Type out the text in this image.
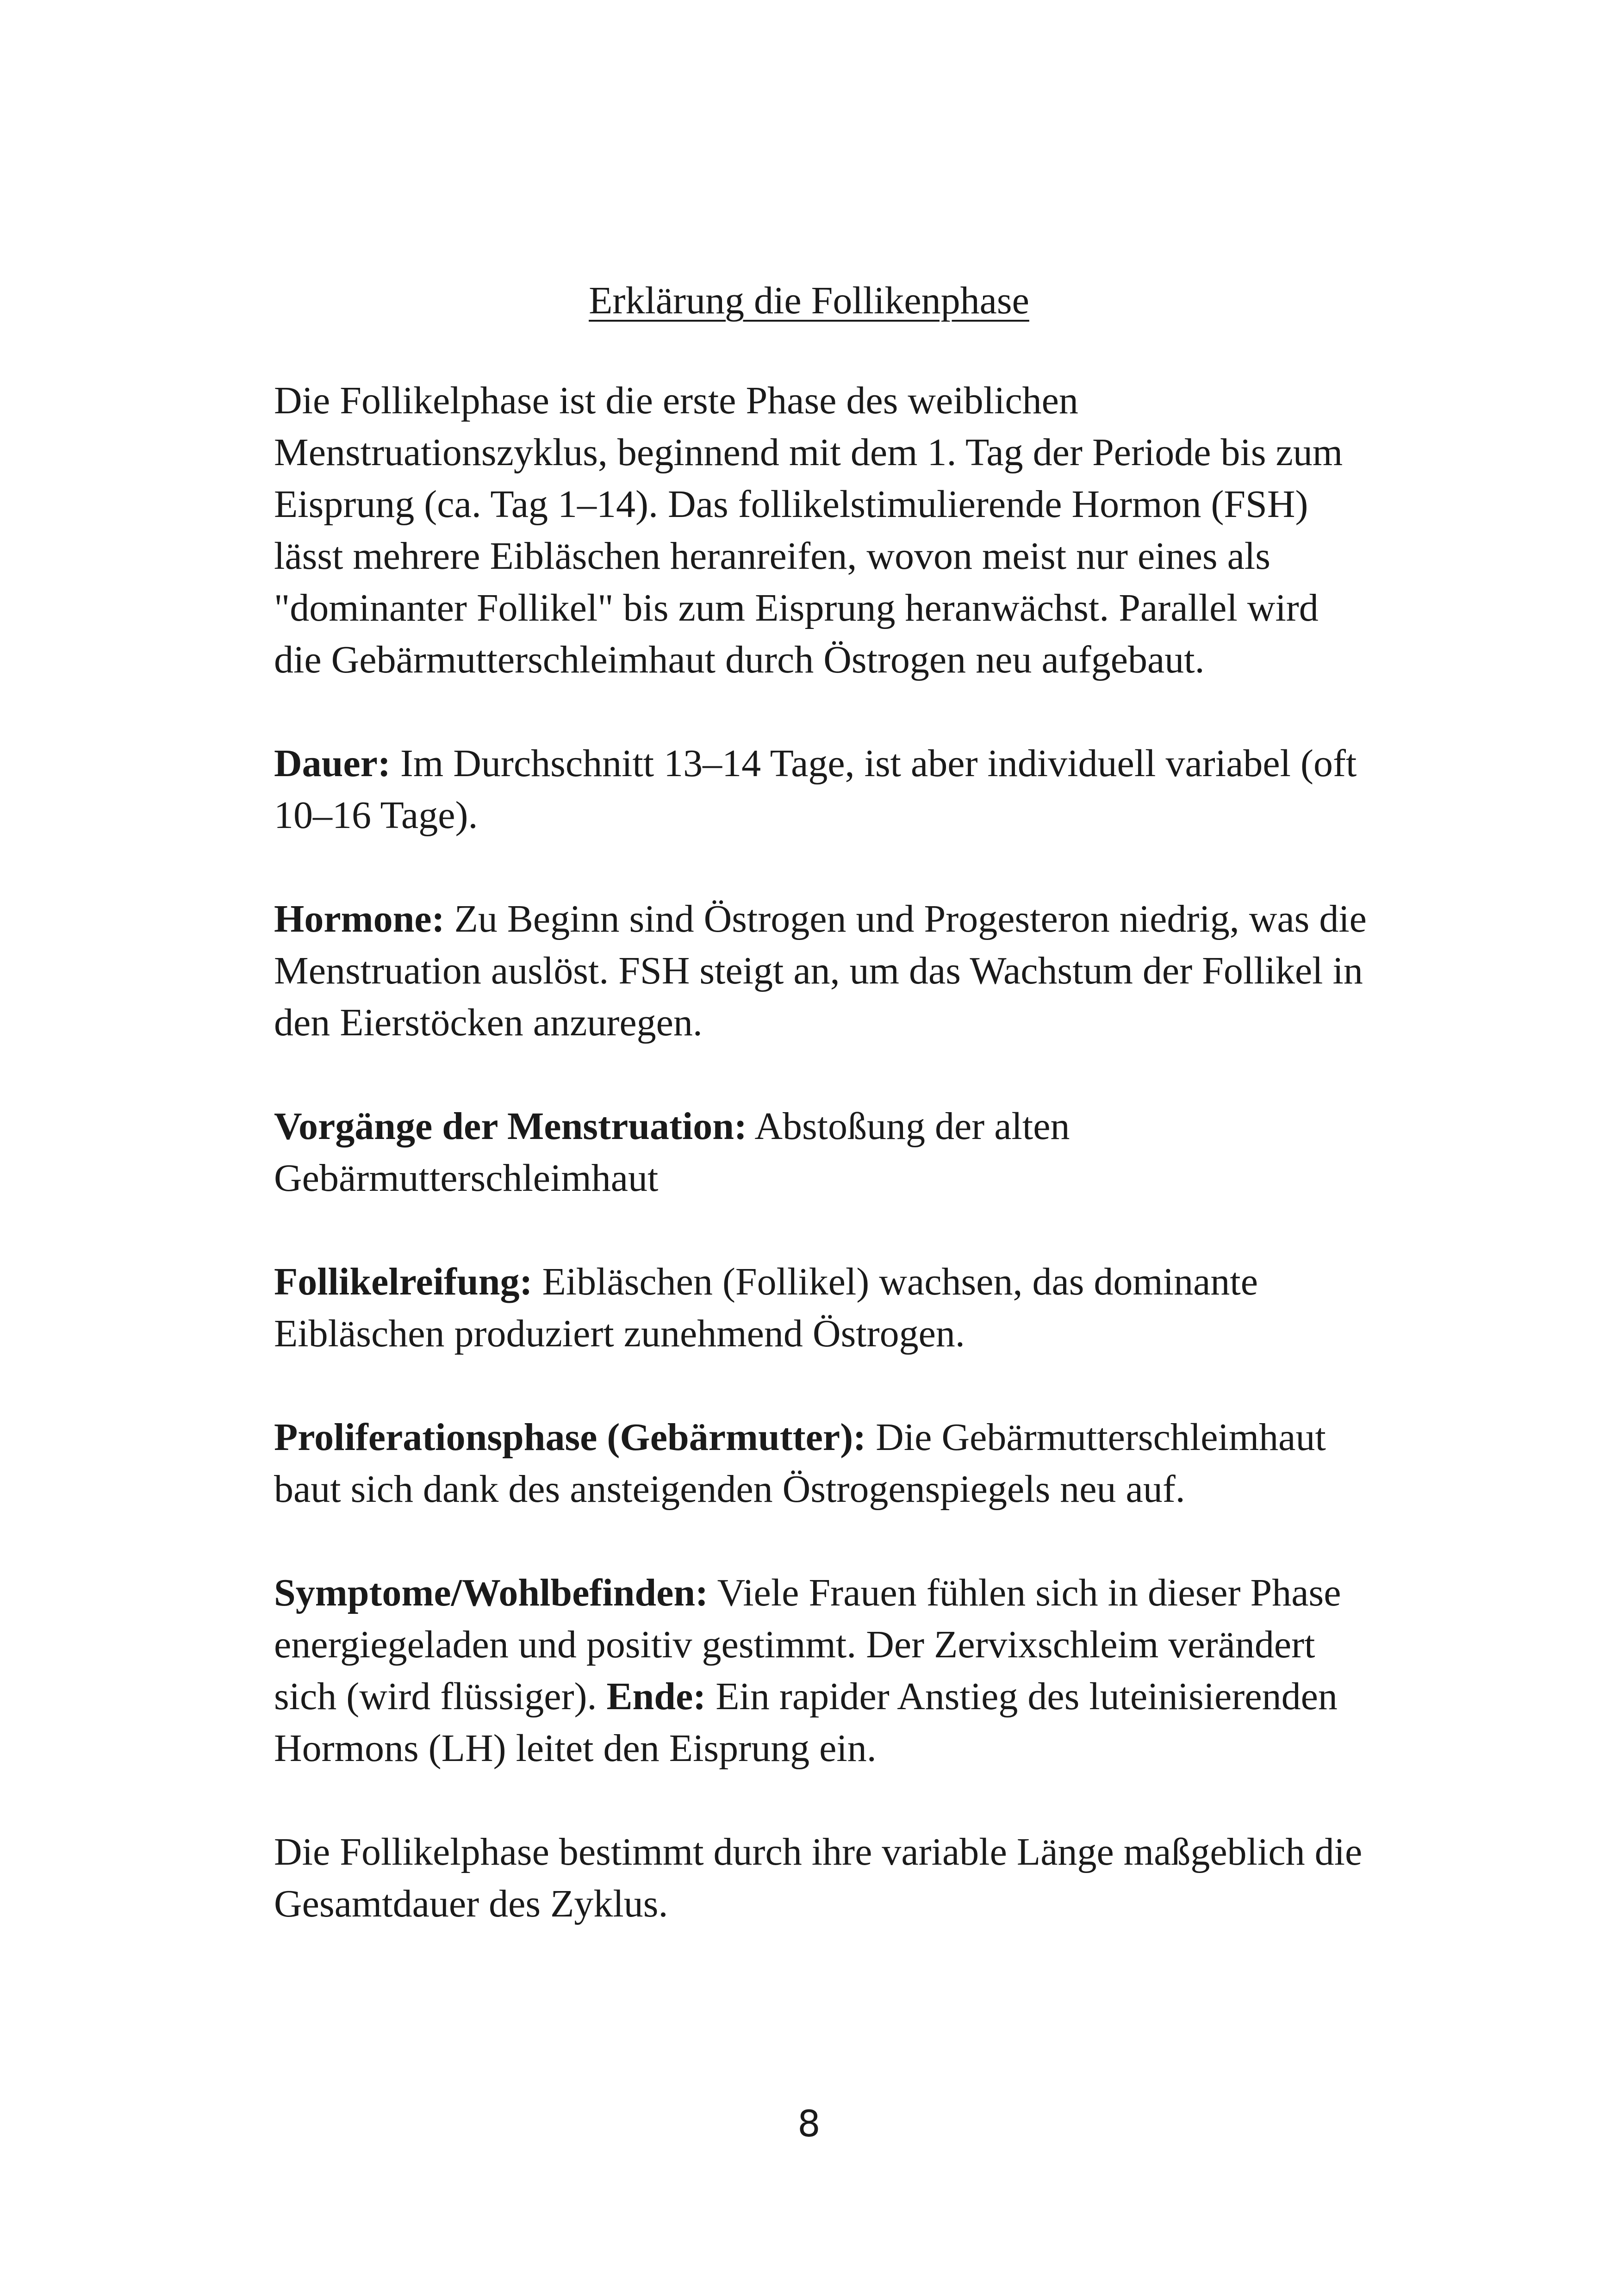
Erklärung die Follikenphase

Die Follikelphase ist die erste Phase des weiblichen Menstruationszyklus, beginnend mit dem 1. Tag der Periode bis zum Eisprung (ca. Tag 1–14). Das follikelstimulierende Hormon (FSH) lässt mehrere Eibläschen heranreifen, wovon meist nur eines als "dominanter Follikel" bis zum Eisprung heranwächst. Parallel wird die Gebärmutterschleimhaut durch Östrogen neu aufgebaut.

Dauer: Im Durchschnitt 13–14 Tage, ist aber individuell variabel (oft 10–16 Tage).

Hormone: Zu Beginn sind Östrogen und Progesteron niedrig, was die Menstruation auslöst. FSH steigt an, um das Wachstum der Follikel in den Eierstöcken anzuregen.

Vorgänge der Menstruation: Abstoßung der alten Gebärmutterschleimhaut

Follikelreifung: Eibläschen (Follikel) wachsen, das dominante Eibläschen produziert zunehmend Östrogen.

Proliferationsphase (Gebärmutter): Die Gebärmutterschleimhaut baut sich dank des ansteigenden Östrogenspiegels neu auf.

Symptome/Wohlbefinden: Viele Frauen fühlen sich in dieser Phase energiegeladen und positiv gestimmt. Der Zervixschleim verändert sich (wird flüssiger). Ende: Ein rapider Anstieg des luteinisierenden Hormons (LH) leitet den Eisprung ein.

Die Follikelphase bestimmt durch ihre variable Länge maßgeblich die Gesamtdauer des Zyklus.

8
